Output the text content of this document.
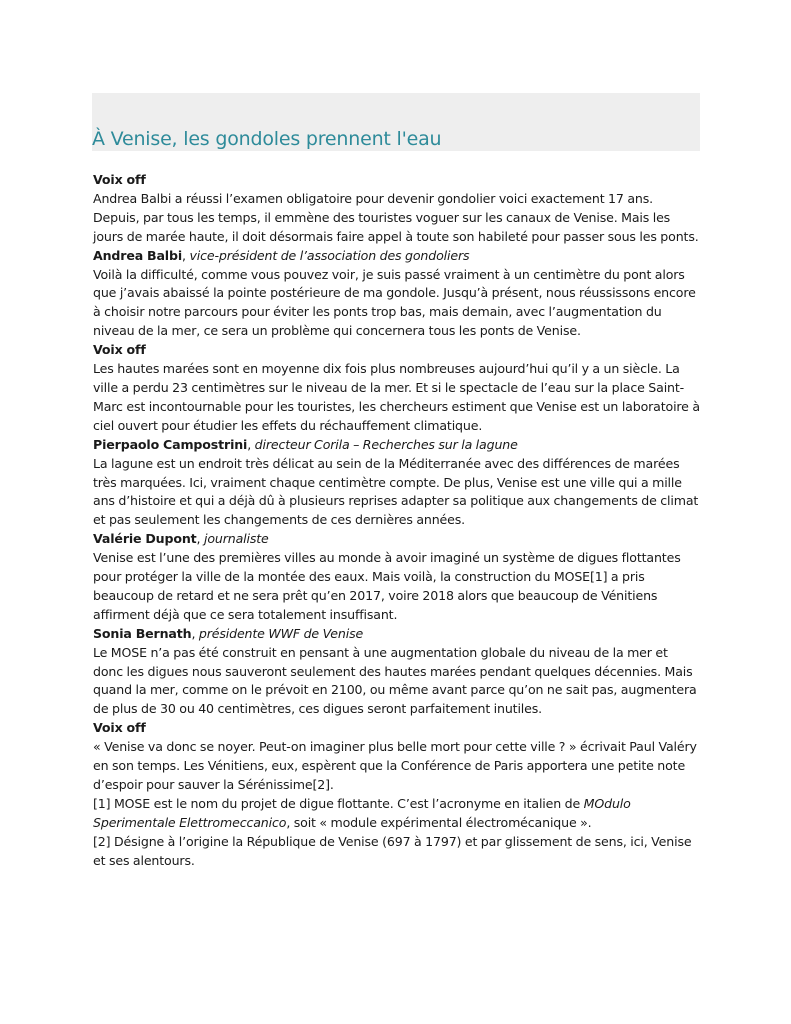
À Venise, les gondoles prennent l'eau

Voix off

Andrea Balbi a réussi l’examen obligatoire pour devenir gondolier voici exactement 17 ans. Depuis, par tous les temps, il emmène des touristes voguer sur les canaux de Venise. Mais les jours de marée haute, il doit désormais faire appel à toute son habileté pour passer sous les ponts.

Andrea Balbi, vice-président de l’association des gondoliers

Voilà la difficulté, comme vous pouvez voir, je suis passé vraiment à un centimètre du pont alors que j’avais abaissé la pointe postérieure de ma gondole. Jusqu’à présent, nous réussissons encore à choisir notre parcours pour éviter les ponts trop bas, mais demain, avec l’augmentation du niveau de la mer, ce sera un problème qui concernera tous les ponts de Venise.

Voix off

Les hautes marées sont en moyenne dix fois plus nombreuses aujourd’hui qu’il y a un siècle. La ville a perdu 23 centimètres sur le niveau de la mer. Et si le spectacle de l’eau sur la place Saint-Marc est incontournable pour les touristes, les chercheurs estiment que Venise est un laboratoire à ciel ouvert pour étudier les effets du réchauffement climatique.

Pierpaolo Campostrini, directeur Corila – Recherches sur la lagune

La lagune est un endroit très délicat au sein de la Méditerranée avec des différences de marées très marquées. Ici, vraiment chaque centimètre compte. De plus, Venise est une ville qui a mille ans d’histoire et qui a déjà dû à plusieurs reprises adapter sa politique aux changements de climat et pas seulement les changements de ces dernières années.

Valérie Dupont, journaliste

Venise est l’une des premières villes au monde à avoir imaginé un système de digues flottantes pour protéger la ville de la montée des eaux. Mais voilà, la construction du MOSE[1] a pris beaucoup de retard et ne sera prêt qu’en 2017, voire 2018 alors que beaucoup de Vénitiens affirment déjà que ce sera totalement insuffisant.

Sonia Bernath, présidente WWF de Venise

Le MOSE n’a pas été construit en pensant à une augmentation globale du niveau de la mer et donc les digues nous sauveront seulement des hautes marées pendant quelques décennies. Mais quand la mer, comme on le prévoit en 2100, ou même avant parce qu’on ne sait pas, augmentera de plus de 30 ou 40 centimètres, ces digues seront parfaitement inutiles.

Voix off

« Venise va donc se noyer. Peut-on imaginer plus belle mort pour cette ville ? » écrivait Paul Valéry en son temps. Les Vénitiens, eux, espèrent que la Conférence de Paris apportera une petite note d’espoir pour sauver la Sérénissime[2].

[1] MOSE est le nom du projet de digue flottante. C’est l’acronyme en italien de MOdulo Sperimentale Elettromeccanico, soit « module expérimental électromécanique ».

[2] Désigne à l’origine la République de Venise (697 à 1797) et par glissement de sens, ici, Venise et ses alentours.
